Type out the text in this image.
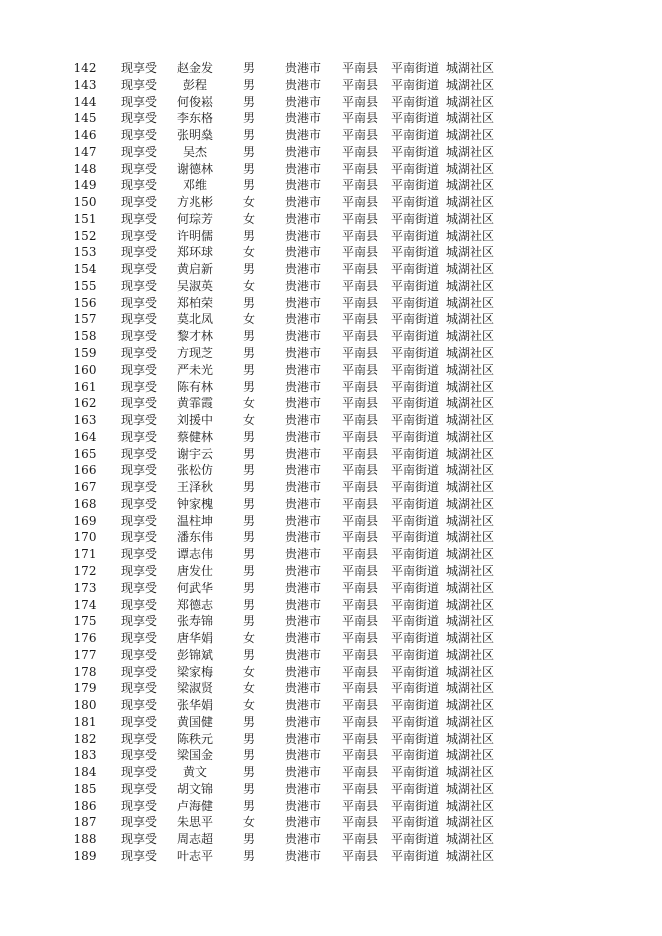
142 现享受	赵金发	男	贵港市	平南县	平南街道 城湖社区
143 现享受	彭程	男	贵港市	平南县	平南街道 城湖社区
144 现享受	何俊崧	男	贵港市	平南县	平南街道 城湖社区
145 现享受	李东格	男	贵港市	平南县	平南街道 城湖社区
146 现享受	张明燊	男	贵港市	平南县	平南街道 城湖社区
147 现享受	吴杰	男	贵港市	平南县	平南街道 城湖社区
148 现享受	谢德林	男	贵港市	平南县	平南街道 城湖社区
149 现享受	邓维	男	贵港市	平南县	平南街道 城湖社区
150 现享受	方兆彬	女	贵港市	平南县	平南街道 城湖社区
151 现享受	何琮芳	女	贵港市	平南县	平南街道 城湖社区
152 现享受	许明儒	男	贵港市	平南县	平南街道 城湖社区
153 现享受	郑环球	女	贵港市	平南县	平南街道 城湖社区
154 现享受	黄启新	男	贵港市	平南县	平南街道 城湖社区
155 现享受	吴淑英	女	贵港市	平南县	平南街道 城湖社区
156 现享受	郑柏荣	男	贵港市	平南县	平南街道 城湖社区
157 现享受	莫北凤	女	贵港市	平南县	平南街道 城湖社区
158 现享受	黎才林	男	贵港市	平南县	平南街道 城湖社区
159 现享受	方现芝	男	贵港市	平南县	平南街道 城湖社区
160 现享受	严未光	男	贵港市	平南县	平南街道 城湖社区
161 现享受	陈有林	男	贵港市	平南县	平南街道 城湖社区
162 现享受	黄霏霞	女	贵港市	平南县	平南街道 城湖社区
163 现享受	刘援中	女	贵港市	平南县	平南街道 城湖社区
164 现享受	蔡健林	男	贵港市	平南县	平南街道 城湖社区
165 现享受	谢宇云	男	贵港市	平南县	平南街道 城湖社区
166 现享受	张松仿	男	贵港市	平南县	平南街道 城湖社区
167 现享受	王泽秋	男	贵港市	平南县	平南街道 城湖社区
168 现享受	钟家槐	男	贵港市	平南县	平南街道 城湖社区
169 现享受	温柱坤	男	贵港市	平南县	平南街道 城湖社区
170 现享受	潘东伟	男	贵港市	平南县	平南街道 城湖社区
171 现享受	谭志伟	男	贵港市	平南县	平南街道 城湖社区
172 现享受	唐发仕	男	贵港市	平南县	平南街道 城湖社区
173 现享受	何武华	男	贵港市	平南县	平南街道 城湖社区
174 现享受	郑德志	男	贵港市	平南县	平南街道 城湖社区
175 现享受	张寿锦	男	贵港市	平南县	平南街道 城湖社区
176 现享受	唐华娟	女	贵港市	平南县	平南街道 城湖社区
177 现享受	彭锦斌	男	贵港市	平南县	平南街道 城湖社区
178 现享受	梁家梅	女	贵港市	平南县	平南街道 城湖社区
179 现享受	梁淑贤	女	贵港市	平南县	平南街道 城湖社区
180 现享受	张华娟	女	贵港市	平南县	平南街道 城湖社区
181 现享受	黄国健	男	贵港市	平南县	平南街道 城湖社区
182 现享受	陈秩元	男	贵港市	平南县	平南街道 城湖社区
183 现享受	梁国金	男	贵港市	平南县	平南街道 城湖社区
184 现享受	黄文	男	贵港市	平南县	平南街道 城湖社区
185 现享受	胡文锦	男	贵港市	平南县	平南街道 城湖社区
186 现享受	卢海健	男	贵港市	平南县	平南街道 城湖社区
187 现享受	朱思平	女	贵港市	平南县	平南街道 城湖社区
188 现享受	周志超	男	贵港市	平南县	平南街道 城湖社区
189 现享受	叶志平	男	贵港市	平南县	平南街道 城湖社区
